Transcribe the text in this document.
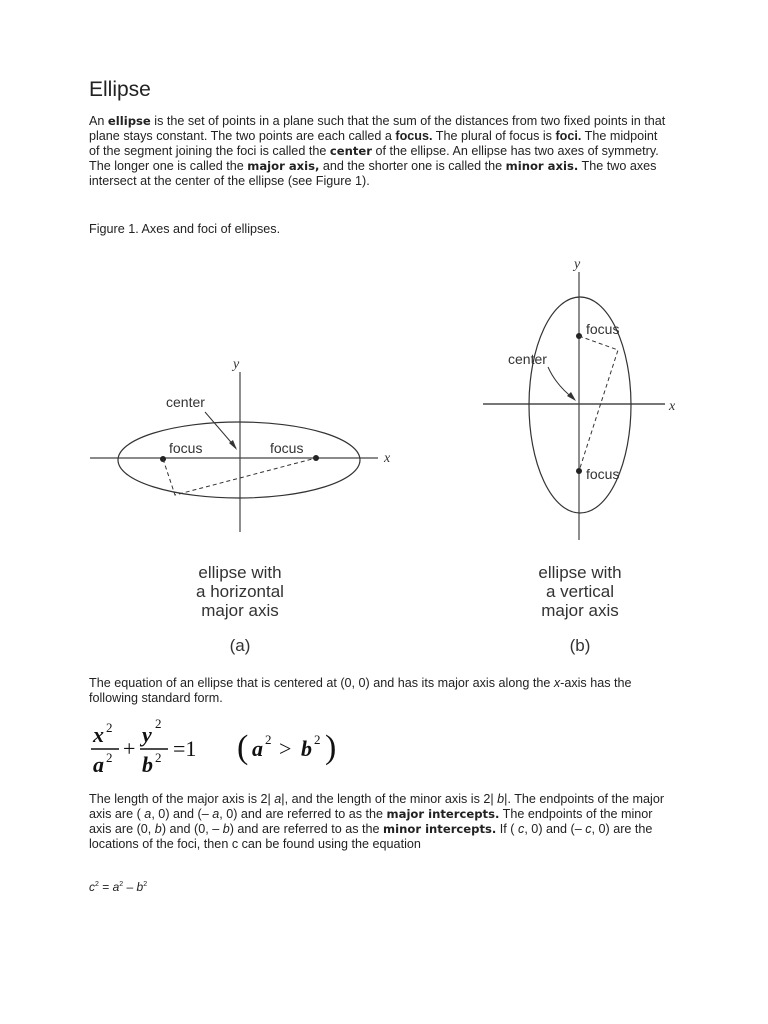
Ellipse

An ellipse is the set of points in a plane such that the sum of the distances from two fixed points in that plane stays constant. The two points are each called a focus. The plural of focus is foci. The midpoint of the segment joining the foci is called the center of the ellipse. An ellipse has two axes of symmetry. The longer one is called the major axis, and the shorter one is called the minor axis. The two axes intersect at the center of the ellipse (see Figure 1).

Figure 1. Axes and foci of ellipses.

y
x
center
focus	focus
ellipse with
a horizontal
major axis
(a)
y
x
center
focus
focus
ellipse with
a vertical
major axis
(b)

The equation of an ellipse that is centered at (0, 0) and has its major axis along the x-axis has the following standard form.

x 2
a 2 +
y 2
b 2 =1 ( a 2 > b 2 )

The length of the major axis is 2| a|, and the length of the minor axis is 2| b|. The endpoints of the major axis are ( a, 0) and (– a, 0) and are referred to as the major intercepts. The endpoints of the minor axis are (0, b) and (0, – b) and are referred to as the minor intercepts. If ( c, 0) and (– c, 0) are the locations of the foci, then c can be found using the equation

$c^2 = a^2 - b^2$
